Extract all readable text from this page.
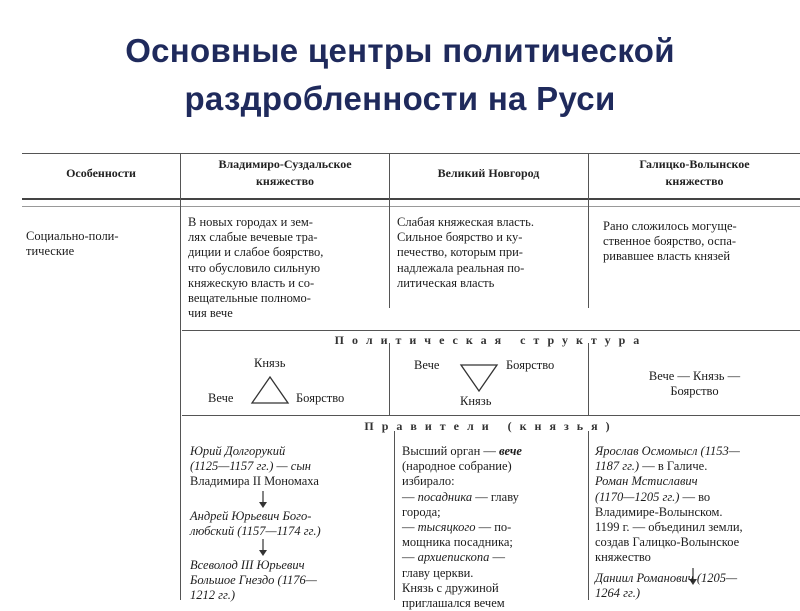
Основные центры политической
раздробленности на Руси
Особенности
Владимиро-Суздальское
княжество
Великий Новгород
Галицко-Волынское
княжество
Социально-поли-
тические
В новых городах и зем-
лях слабые вечевые тра-
диции и слабое боярство,
что обусловило сильную
княжескую власть и со-
вещательные полномо-
чия вече
Слабая княжеская власть.
Сильное боярство и ку-
печество, которым при-
надлежала реальная по-
литическая власть
Рано сложилось могуще-
ственное боярство, оспа-
ривавшее власть князей
Политическая структура
Князь
Вече	Боярство
Вече	Боярство
Князь
Вече — Князь —
Боярство
Правители (князья)
Юрий Долгорукий
(1125—1157 гг.) — сын
Владимира II Мономаха
Андрей Юрьевич Бого-
любский (1157—1174 гг.)
Всеволод III Юрьевич
Большое Гнездо (1176—
1212 гг.)
Высший орган — вече
(народное собрание)
избирало:
— посадника — главу
города;
— тысяцкого — по-
мощника посадника;
— архиепископа —
главу церкви.
Князь с дружиной
приглашался вечем
Ярослав Осмомысл (1153—
1187 гг.) — в Галиче.
Роман Мстиславич
(1170—1205 гг.) — во
Владимире-Волынском.
1199 г. — объединил земли,
создав Галицко-Волынское
княжество
Даниил Романович (1205—
1264 гг.)
